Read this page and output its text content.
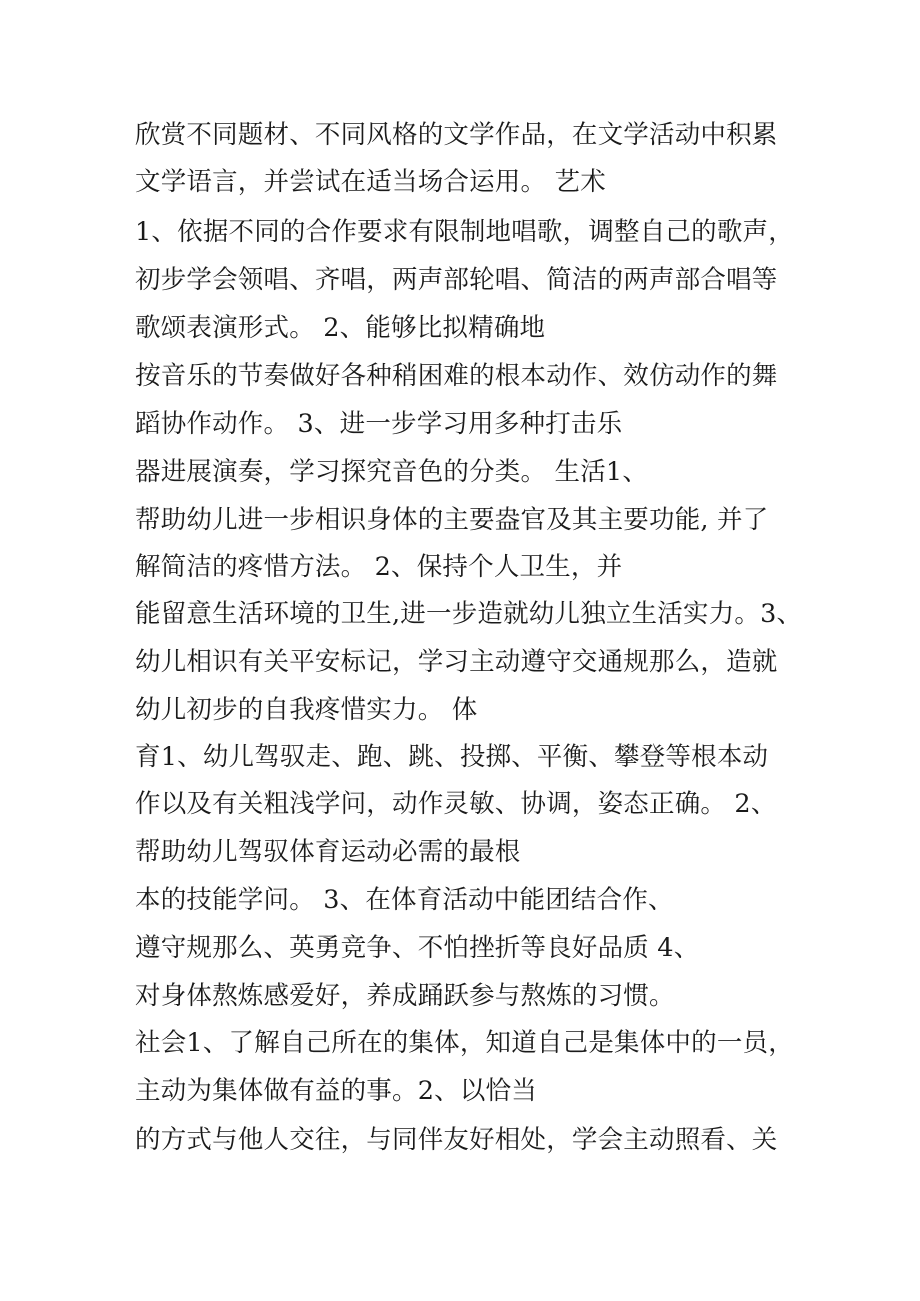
欣赏不同题材、不同风格的文学作品，在文学活动中积累
文学语言，并尝试在适当场合运用。 艺术
1、依据不同的合作要求有限制地唱歌，调整自己的歌声，
初步学会领唱、齐唱，两声部轮唱、简洁的两声部合唱等
歌颂表演形式。 2、能够比拟精确地
按音乐的节奏做好各种稍困难的根本动作、效仿动作的舞
蹈协作动作。 3、进一步学习用多种打击乐
器进展演奏，学习探究音色的分类。 生活1、
帮助幼儿进一步相识身体的主要盎官及其主要功能, 并了
解简洁的疼惜方法。 2、保持个人卫生，并
能留意生活环境的卫生,进一步造就幼儿独立生活实力。3、
幼儿相识有关平安标记，学习主动遵守交通规那么，造就
幼儿初步的自我疼惜实力。 体
育1、幼儿驾驭走、跑、跳、投掷、平衡、攀登等根本动
作以及有关粗浅学问，动作灵敏、协调，姿态正确。 2、
帮助幼儿驾驭体育运动必需的最根
本的技能学问。 3、在体育活动中能团结合作、
遵守规那么、英勇竞争、不怕挫折等良好品质 4、
对身体熬炼感爱好，养成踊跃参与熬炼的习惯。
社会1、了解自己所在的集体，知道自己是集体中的一员，
主动为集体做有益的事。2、以恰当
的方式与他人交往，与同伴友好相处，学会主动照看、关
